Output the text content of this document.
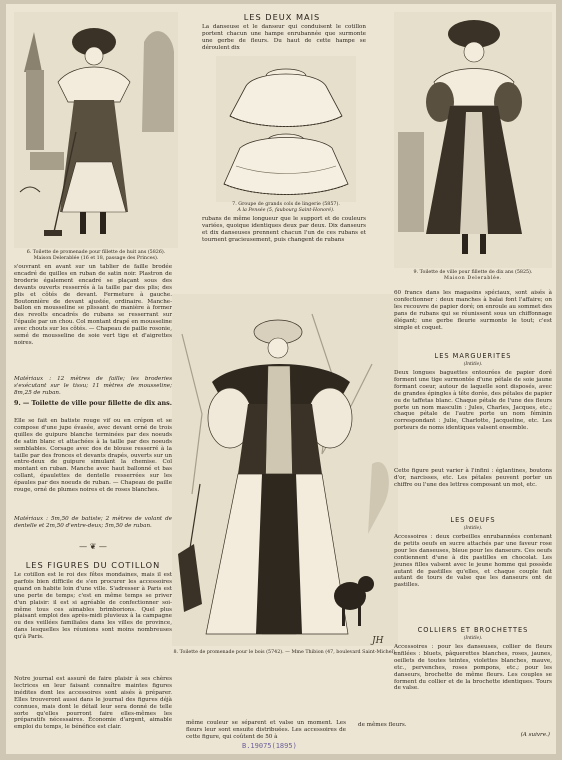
6. Toilette de promenade pour fillette de huit ans (5826).
Maison Delerablée (16 et 18, passage des Princes).

LES DEUX MAIS

La danseuse et le danseur qui conduisent le cotillon portent chacun une hampe enrubannée que surmonte une gerbe de fleurs. Du haut de cette hampe se déroulent dix

7. Groupe de grands cols de lingerie (5857).
A la Pensée (5, faubourg Saint-Honoré).

rubans de même longueur que le support et de couleurs variées, quoique identiques deux par deux. Dix danseurs et dix danseuses prennent chacun l'un de ces rubans et tournent gracieusement, puis changent de rubans

9. Toilette de ville pour fillette de dix ans (5825).
Maison Delerablée.

s'ouvrant en avant sur un tablier de faille brodée encadré de quilles en ruban de satin noir. Plastron de broderie également encadré se plaçant sous des devants ouverts resserrés à la taille par des plis; des plis et côtés de devant. Fermeture à gauche. Boutonnière de devant ajustée, ordinaire. Manche-ballon en mousseline se plissant de manière à former des revolts encadrés de rubans se resserrant sur l'épaule par un chou. Col montant drapé en mousseline avec chouts sur les côtés. — Chapeau de paille rosonie, semé de mousseline de soie vert tige et d'aigrettes noires.

Matériaux : 12 mètres de faille; les broderies s'exécutant sur le tissu; 11 mètres de mousseline; 8m,25 de ruban.

9. — Toilette de ville pour fillette de dix ans.

Elle se fait en batiste rouge vif ou en crépon et se compose d'une jupe évasée, avec devant orné de trois quilles de guipure blanche terminées par des noeuds de satin blanc et attachées à la taille par des noeuds semblables. Corsage avec dos de blouse resserré à la taille par des fronces et devants drapés, ouverts sur un entre-deux de guipure simulant la chemise. Col montant en ruban. Manche avec haut ballonné et bas collant, épaulettes de dentelle resserrées sur les épaules par des noeuds de ruban. — Chapeau de paille rouge, orné de plumes noires et de roses blanches.

Matériaux : 5m,50 de batiste; 2 mètres de volant de dentelle et 2m,50 d'entre-deux; 5m,50 de ruban.

— ❦ —

LES FIGURES DU COTILLON

Le cotillon est le roi des fêtes mondaines, mais il est parfois bien difficile de s'en procurer les accessoires quand on habite loin d'une ville. S'adresser à Paris est une perte de temps; c'est en même temps se priver d'un plaisir: il est si agréable de confectionner soi-même tous ces aimables brimborions. Quel plus plaisant emploi des après-midi pluvieux à la campagne ou des veillées familiales dans les villes de province, dans lesquelles les réunions sont moins nombreuses qu'à Paris.

Notre journal est assuré de faire plaisir à ses chères lectrices en leur faisant connaître maintes figures inédites dont les accessoires sont aisés à préparer. Elles trouveront aussi dans le journal des figures déjà connues, mais dont le détail leur sera donné de telle sorte qu'elles pourront faire elles-mêmes les préparatifs nécessaires. Économie d'argent, aimable emploi du temps, le bénéfice est clair.

JH

8. Toilette de promenade pour le bois (5742). — Mme Thibion (47, boulevard Saint-Michel).

même couleur se séparent et valse un moment. Les fleurs leur sont ensuite distribuées. Les accessoires de cette figure, qui coûtent de 50 à

B.19075(1895)

60 francs dans les magasins spéciaux, sont aisés à confectionner : deux manches à balai font l'affaire; on les recouvre de papier doré; on enroule au sommet des pans de rubans qui se réunissent sous un chiffonnage élégant; une gerbe fleurie surmonte le tout; c'est simple et coquet.

LES MARGUERITES

(Intitle).

Deux longues baguettes entourées de papier doré forment une tige surmontée d'une pétale de soie jaune formant coeur, autour de laquelle sont disposés, avec de grandes épingles à tête dorée, des pétales de papier ou de taffetas blanc. Chaque pétale de l'une des fleurs porte un nom masculin : Jules, Charles, Jacques, etc.; chaque pétale de l'autre porte un nom féminin correspondant : Julie, Charlotte, Jacqueline, etc. Les porteurs de noms identiques valsent ensemble.

Cette figure peut varier à l'infini : églantines, boutons d'or, narcisses, etc. Les pétales peuvent porter un chiffre ou l'une des lettres composant un mot, etc.

LES OEUFS

(Intitle).

Accessoires : deux corbeilles enrubannées contenant de petits oeufs en sucre attachés par une faveur rose pour les danseuses, bleue pour les danseurs. Ces oeufs contiennent d'une à dix pastilles en chocolat. Les jeunes filles valsent avec le jeune homme qui possède autant de pastilles qu'elles, et chaque couple fait autant de tours de valse que les danseurs ont de pastilles.

COLLIERS ET BROCHETTES

(Intitle).

Accessoires : pour les danseuses, collier de fleurs enfilées : bluets, pâquerettes blanches, roses, jaunes, oeillets de toutes teintes, violettes blanches, mauve, etc., pervenches, roses pompons, etc.; pour les danseurs, brochette de même fleurs. Les couples se forment du collier et de la brochette identiques. Tours de valse.

de mêmes fleurs.

(A suivre.)
